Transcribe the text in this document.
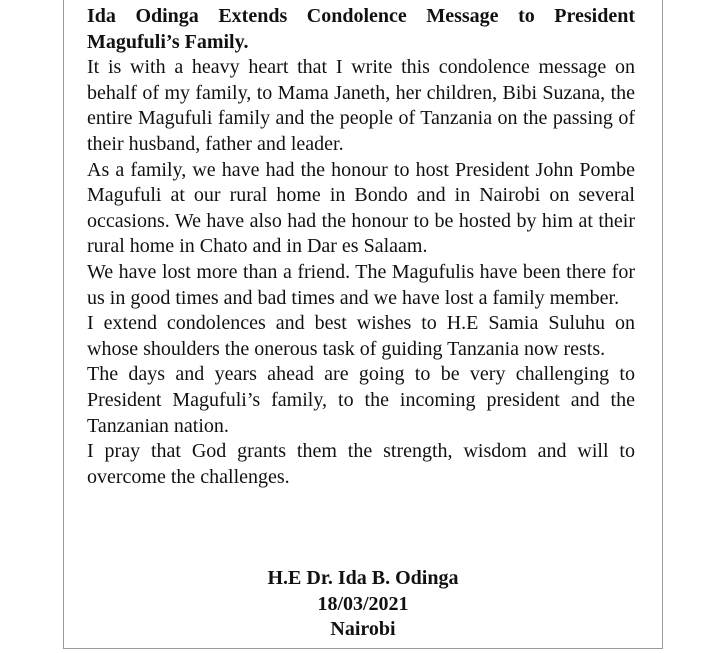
Ida Odinga Extends Condolence Message to President Magufuli’s Family.

It is with a heavy heart that I write this condolence message on behalf of my family, to Mama Janeth, her children, Bibi Suzana, the entire Magufuli family and the people of Tanzania on the passing of their husband, father and leader.

As a family, we have had the honour to host President John Pombe Magufuli at our rural home in Bondo and in Nairobi on several occasions. We have also had the honour to be hosted by him at their rural home in Chato and in Dar es Salaam.

We have lost more than a friend. The Magufulis have been there for us in good times and bad times and we have lost a family member.

I extend condolences and best wishes to H.E Samia Suluhu on whose shoulders the onerous task of guiding Tanzania now rests.

The days and years ahead are going to be very challenging to President Magufuli’s family, to the incoming president and the Tanzanian nation.

I pray that God grants them the strength, wisdom and will to overcome the challenges.

H.E Dr. Ida B. Odinga
18/03/2021
Nairobi
